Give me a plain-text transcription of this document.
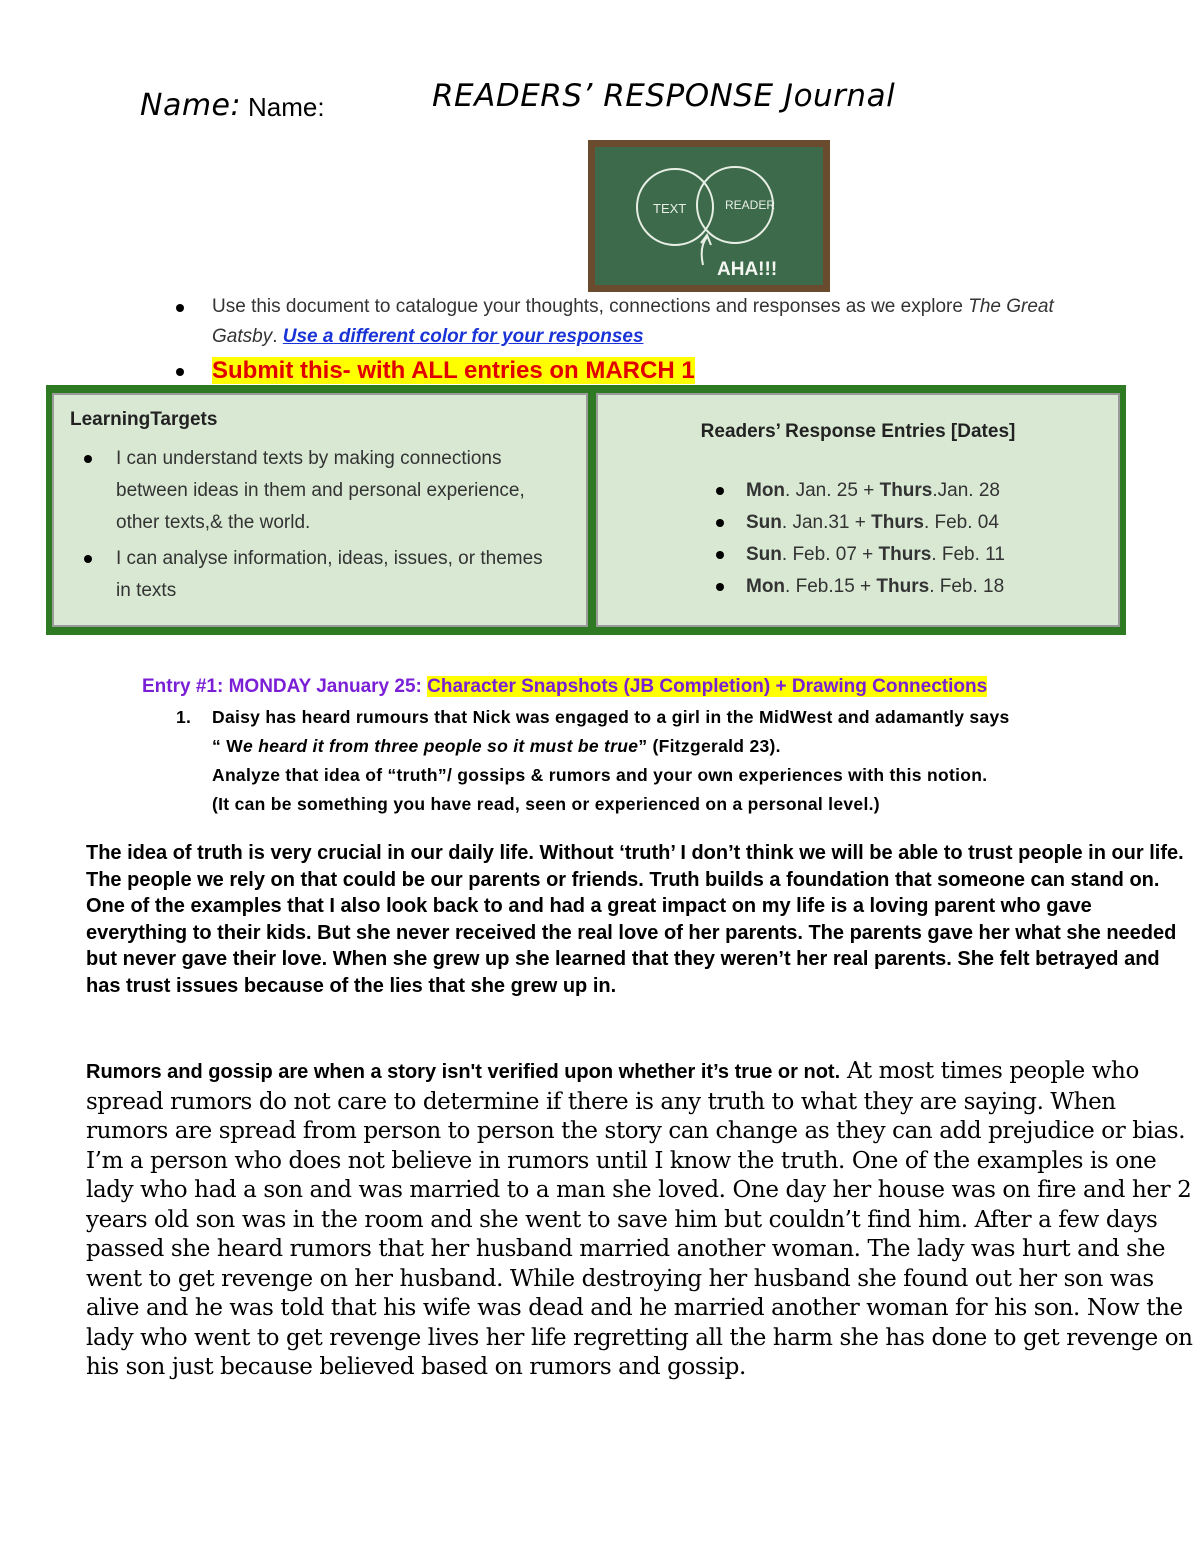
Name: Name:	READERS’ RESPONSE Journal
TEXT	READER
AHA!!!
Use this document to catalogue your thoughts, connections and responses as we explore The Great Gatsby. Use a different color for your responses
Submit this- with ALL entries on MARCH 1
LearningTargets
I can understand texts by making connections between ideas in them and personal experience, other texts,& the world.
I can analyse information, ideas, issues, or themes in texts
Readers’ Response Entries [Dates]
Mon. Jan. 25 + Thurs.Jan. 28
Sun. Jan.31 + Thurs. Feb. 04
Sun. Feb. 07 + Thurs. Feb. 11
Mon. Feb.15 + Thurs. Feb. 18
Entry #1: MONDAY January 25: Character Snapshots (JB Completion) + Drawing Connections
1. Daisy has heard rumours that Nick was engaged to a girl in the MidWest and adamantly says
“ We heard it from three people so it must be true” (Fitzgerald 23).
Analyze that idea of “truth”/ gossips & rumors and your own experiences with this notion.
(It can be something you have read, seen or experienced on a personal level.)

The idea of truth is very crucial in our daily life. Without ‘truth’ I don’t think we will be able to trust people in our life. The people we rely on that could be our parents or friends. Truth builds a foundation that someone can stand on. One of the examples that I also look back to and had a great impact on my life is a loving parent who gave everything to their kids. But she never received the real love of her parents. The parents gave her what she needed but never gave their love. When she grew up she learned that they weren’t her real parents. She felt betrayed and has trust issues because of the lies that she grew up in.

Rumors and gossip are when a story isn't verified upon whether it’s true or not. At most times people who spread rumors do not care to determine if there is any truth to what they are saying. When rumors are spread from person to person the story can change as they can add prejudice or bias. I’m a person who does not believe in rumors until I know the truth. One of the examples is one lady who had a son and was married to a man she loved. One day her house was on fire and her 2 years old son was in the room and she went to save him but couldn’t find him. After a few days passed she heard rumors that her husband married another woman. The lady was hurt and she went to get revenge on her husband. While destroying her husband she found out her son was alive and he was told that his wife was dead and he married another woman for his son. Now the lady who went to get revenge lives her life regretting all the harm she has done to get revenge on his son just because believed based on rumors and gossip.
